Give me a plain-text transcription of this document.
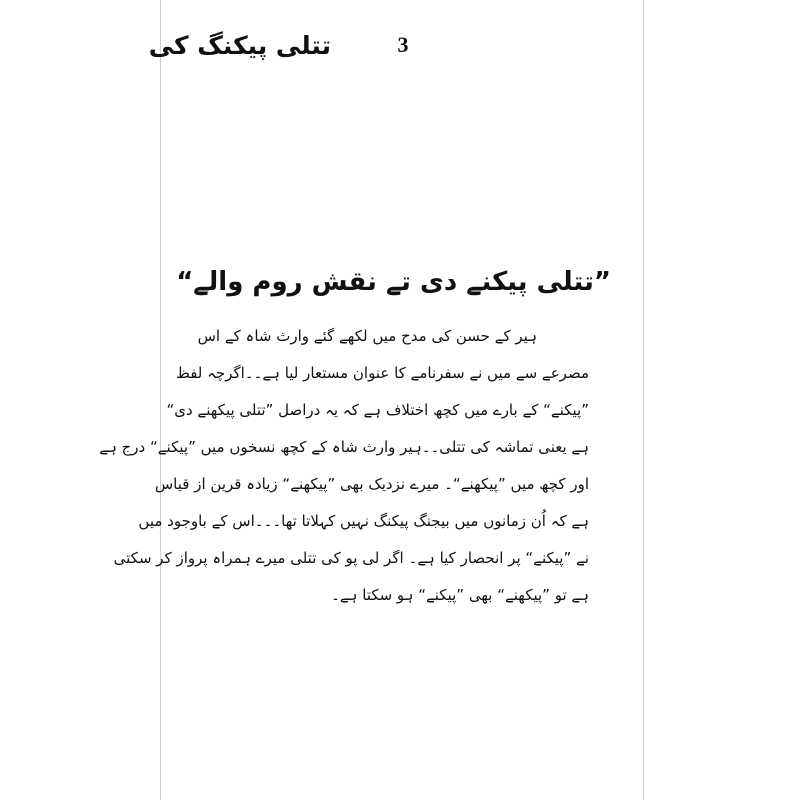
3
تتلی پیکنگ کی
”تتلی پیکنے دی تے نقش روم والے“
ہیر کے حسن کی مدح میں لکھے گئے وارث شاہ کے اس
مصرعے سے میں نے سفرنامے کا عنوان مستعار لیا ہے۔۔اگرچہ لفظ
”پیکنے“ کے بارے میں کچھ اختلاف ہے کہ یہ دراصل ”تتلی پیکھنے دی“
ہے یعنی تماشہ کی تتلی۔۔ہیر وارث شاہ کے کچھ نسخوں میں ”پیکنے“ درج ہے
اور کچھ میں ”پیکھنے“۔ میرے نزدیک بھی ”پیکھنے“ زیادہ قرین از قیاس
ہے کہ اُن زمانوں میں بیجنگ پیکنگ نہیں کہلاتا تھا۔۔۔اس کے باوجود میں
نے ”پیکنے“ پر انحصار کیا ہے۔ اگر لی پو کی تتلی میرے ہمراہ پرواز کر سکتی
ہے تو ”پیکھنے“ بھی ”پیکنے“ ہو سکتا ہے۔
